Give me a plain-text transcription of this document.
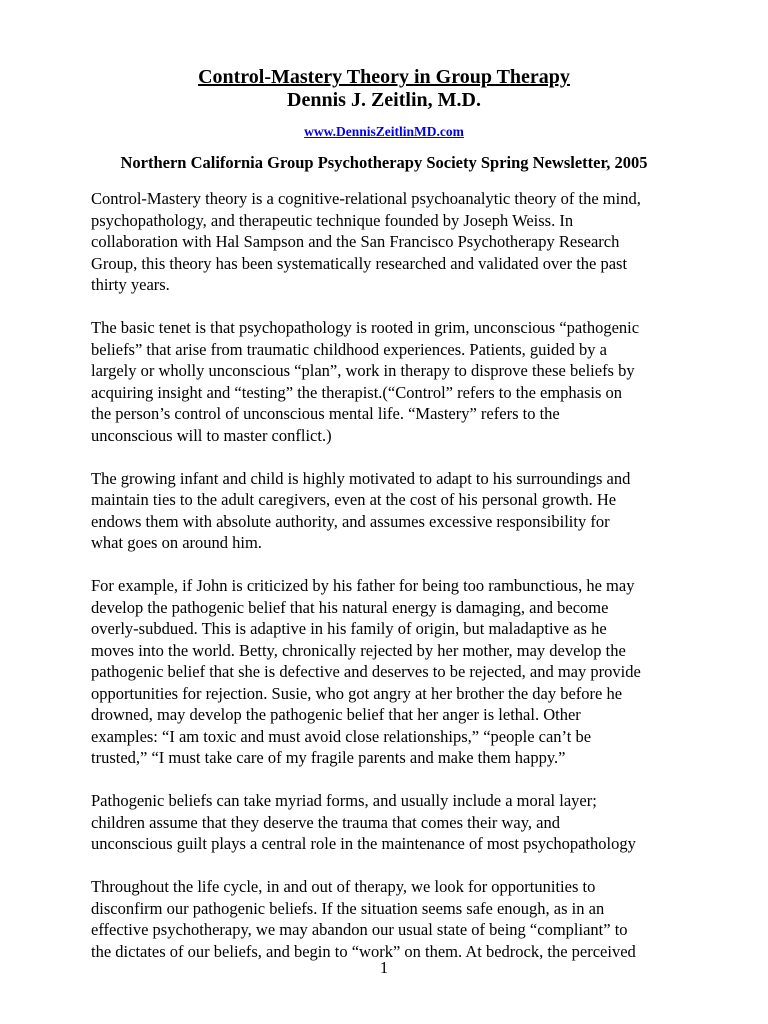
Control-Mastery Theory in Group Therapy
Dennis J. Zeitlin, M.D.
www.DennisZeitlinMD.com
Northern California Group Psychotherapy Society Spring Newsletter, 2005

Control-Mastery theory is a cognitive-relational psychoanalytic theory of the mind,
psychopathology, and therapeutic technique founded by Joseph Weiss. In
collaboration with Hal Sampson and the San Francisco Psychotherapy Research
Group, this theory has been systematically researched and validated over the past
thirty years.

The basic tenet is that psychopathology is rooted in grim, unconscious “pathogenic
beliefs” that arise from traumatic childhood experiences. Patients, guided by a
largely or wholly unconscious “plan”, work in therapy to disprove these beliefs by
acquiring insight and “testing” the therapist.(“Control” refers to the emphasis on
the person’s control of unconscious mental life. “Mastery” refers to the
unconscious will to master conflict.)

The growing infant and child is highly motivated to adapt to his surroundings and
maintain ties to the adult caregivers, even at the cost of his personal growth. He
endows them with absolute authority, and assumes excessive responsibility for
what goes on around him.

For example, if John is criticized by his father for being too rambunctious, he may
develop the pathogenic belief that his natural energy is damaging, and become
overly-subdued. This is adaptive in his family of origin, but maladaptive as he
moves into the world. Betty, chronically rejected by her mother, may develop the
pathogenic belief that she is defective and deserves to be rejected, and may provide
opportunities for rejection. Susie, who got angry at her brother the day before he
drowned, may develop the pathogenic belief that her anger is lethal. Other
examples: “I am toxic and must avoid close relationships,” “people can’t be
trusted,” “I must take care of my fragile parents and make them happy.”

Pathogenic beliefs can take myriad forms, and usually include a moral layer;
children assume that they deserve the trauma that comes their way, and
unconscious guilt plays a central role in the maintenance of most psychopathology

Throughout the life cycle, in and out of therapy, we look for opportunities to
disconfirm our pathogenic beliefs. If the situation seems safe enough, as in an
effective psychotherapy, we may abandon our usual state of being “compliant” to
the dictates of our beliefs, and begin to “work” on them. At bedrock, the perceived

1
